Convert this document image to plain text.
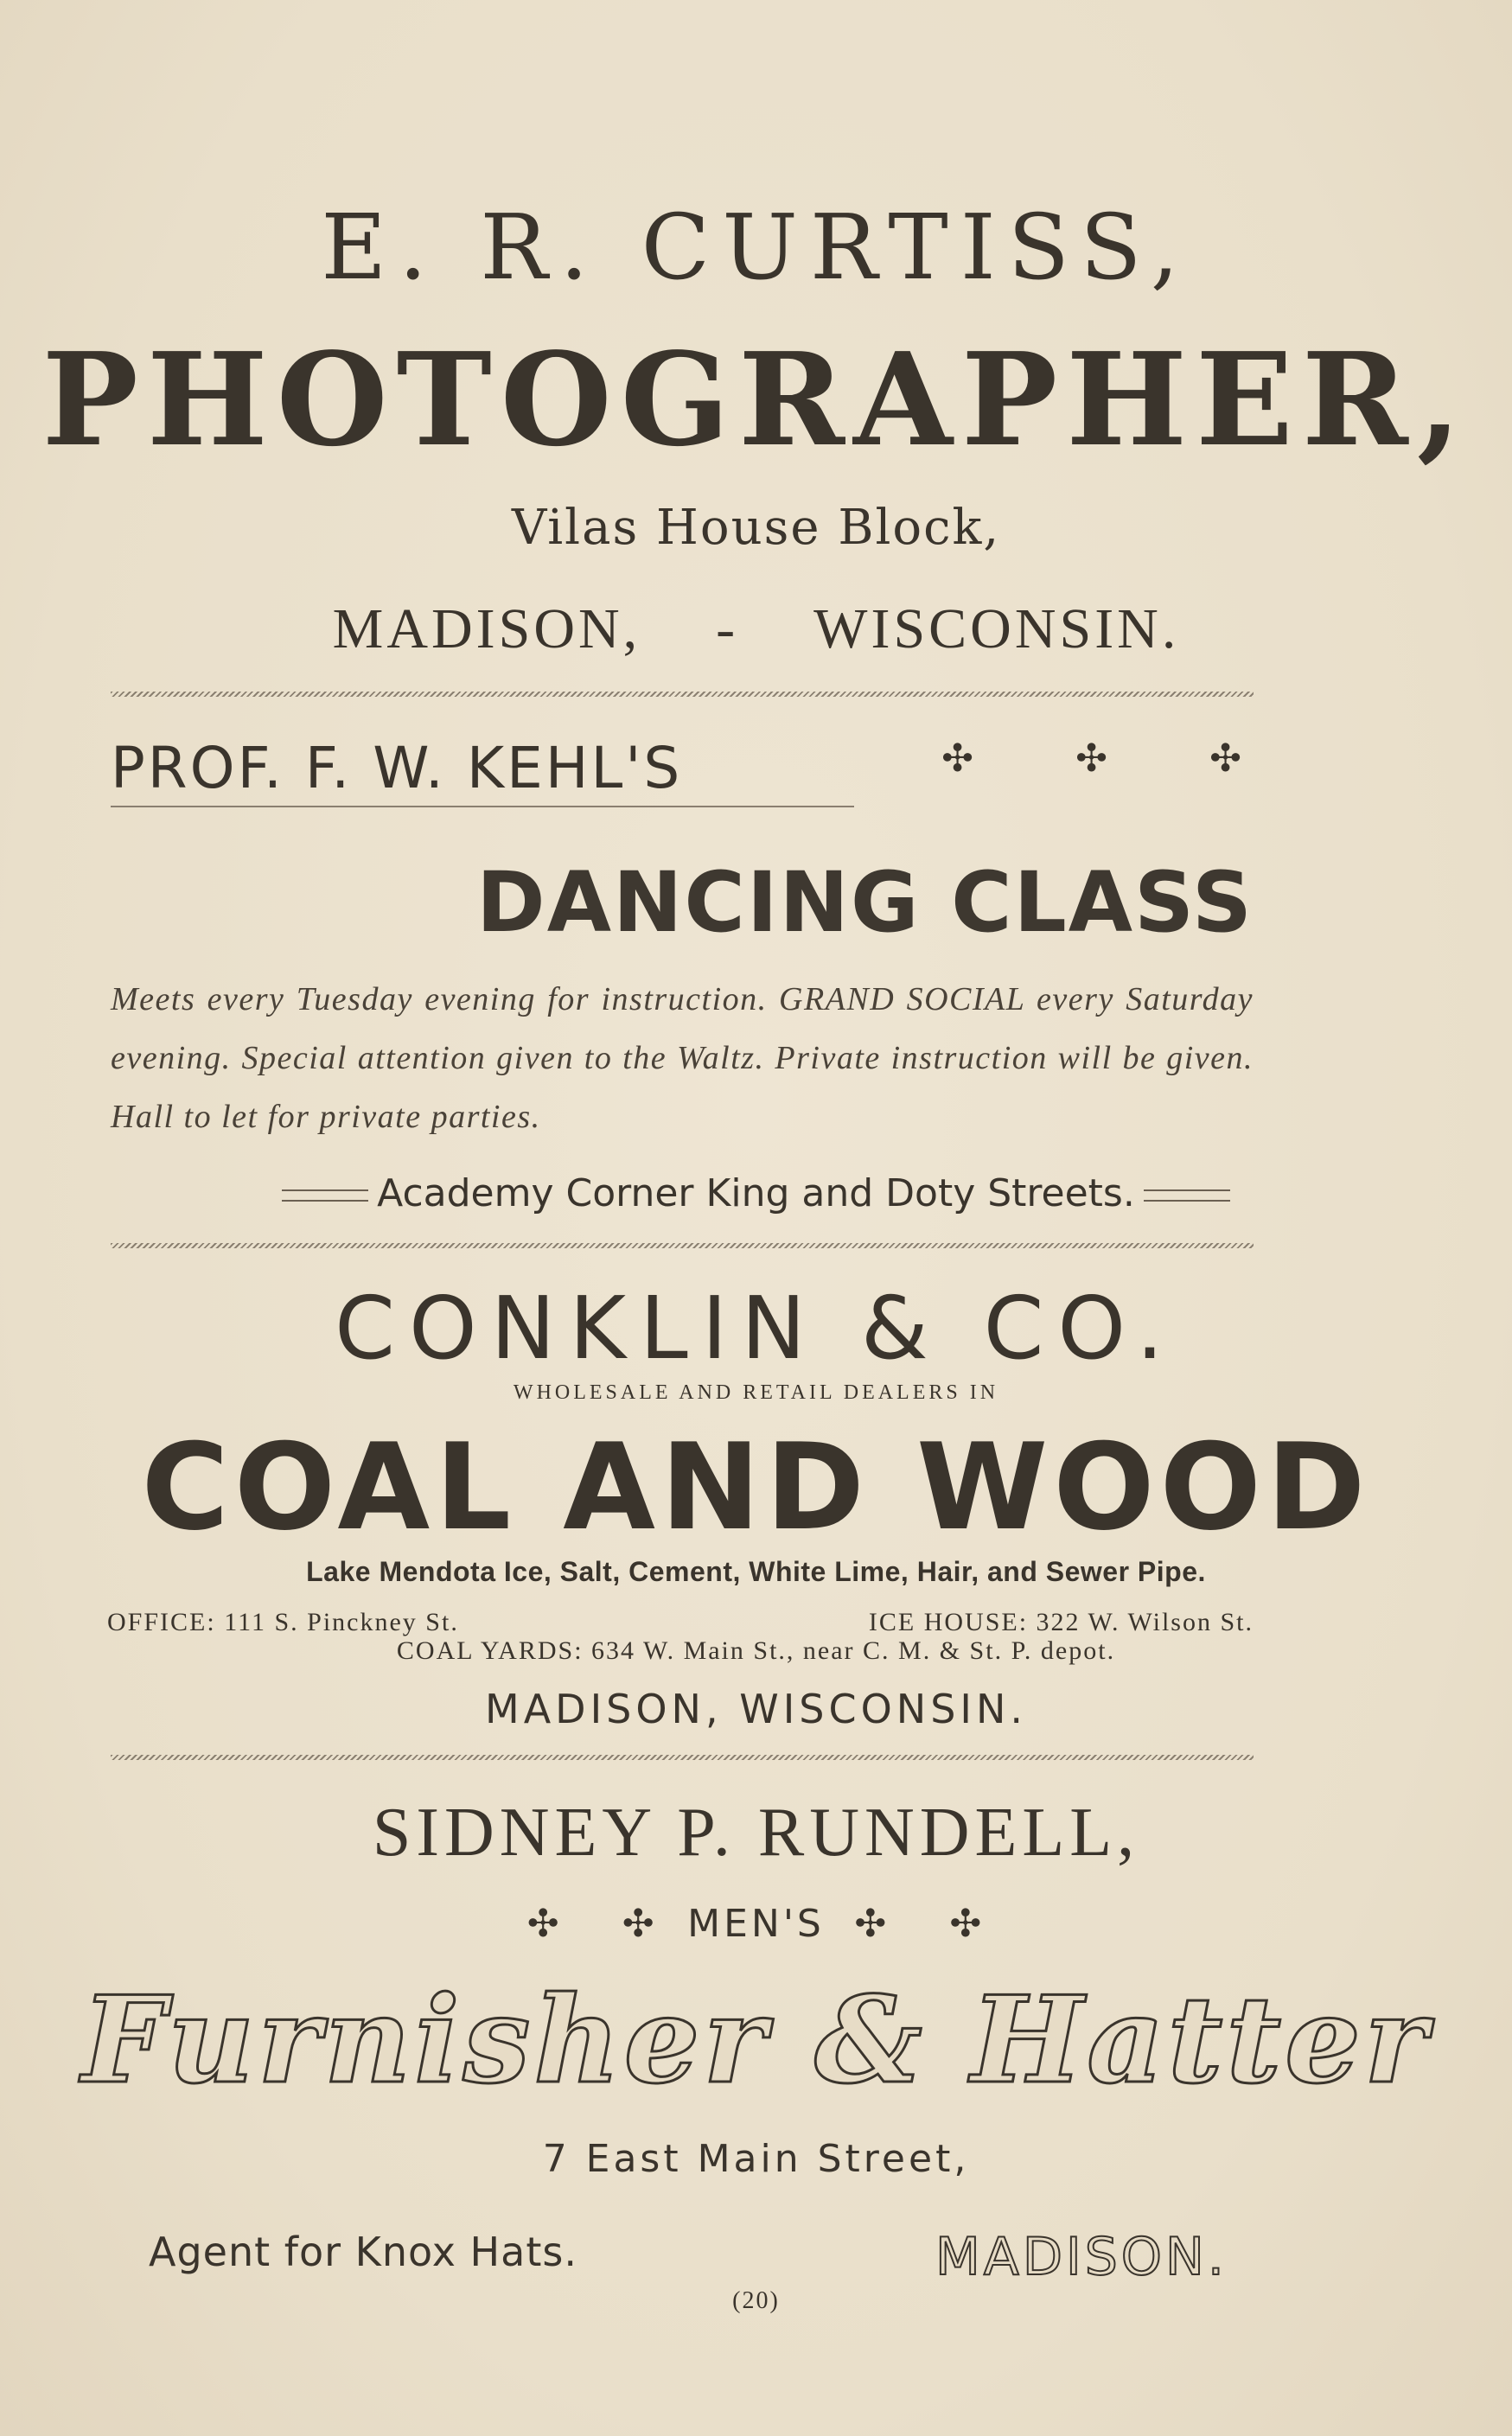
E. R. CURTISS,
PHOTOGRAPHER,
Vilas House Block,
MADISON, - WISCONSIN.
PROF. F. W. KEHL'S	✣	✣	✣
DANCING CLASS
Meets every Tuesday evening for instruction. GRAND SOCIAL every Saturday evening. Special attention given to the Waltz. Private instruction will be given. Hall to let for private parties.
Academy Corner King and Doty Streets.
CONKLIN & CO.
WHOLESALE AND RETAIL DEALERS IN
COAL AND WOOD
Lake Mendota Ice, Salt, Cement, White Lime, Hair, and Sewer Pipe.
OFFICE: 111 S. Pinckney St.	ICE HOUSE: 322 W. Wilson St.
COAL YARDS: 634 W. Main St., near C. M. & St. P. depot.
MADISON, WISCONSIN.
SIDNEY P. RUNDELL,
✣ ✣ MEN'S ✣ ✣
Furnisher & Hatter
7 East Main Street,
Agent for Knox Hats.	MADISON.
(20)
